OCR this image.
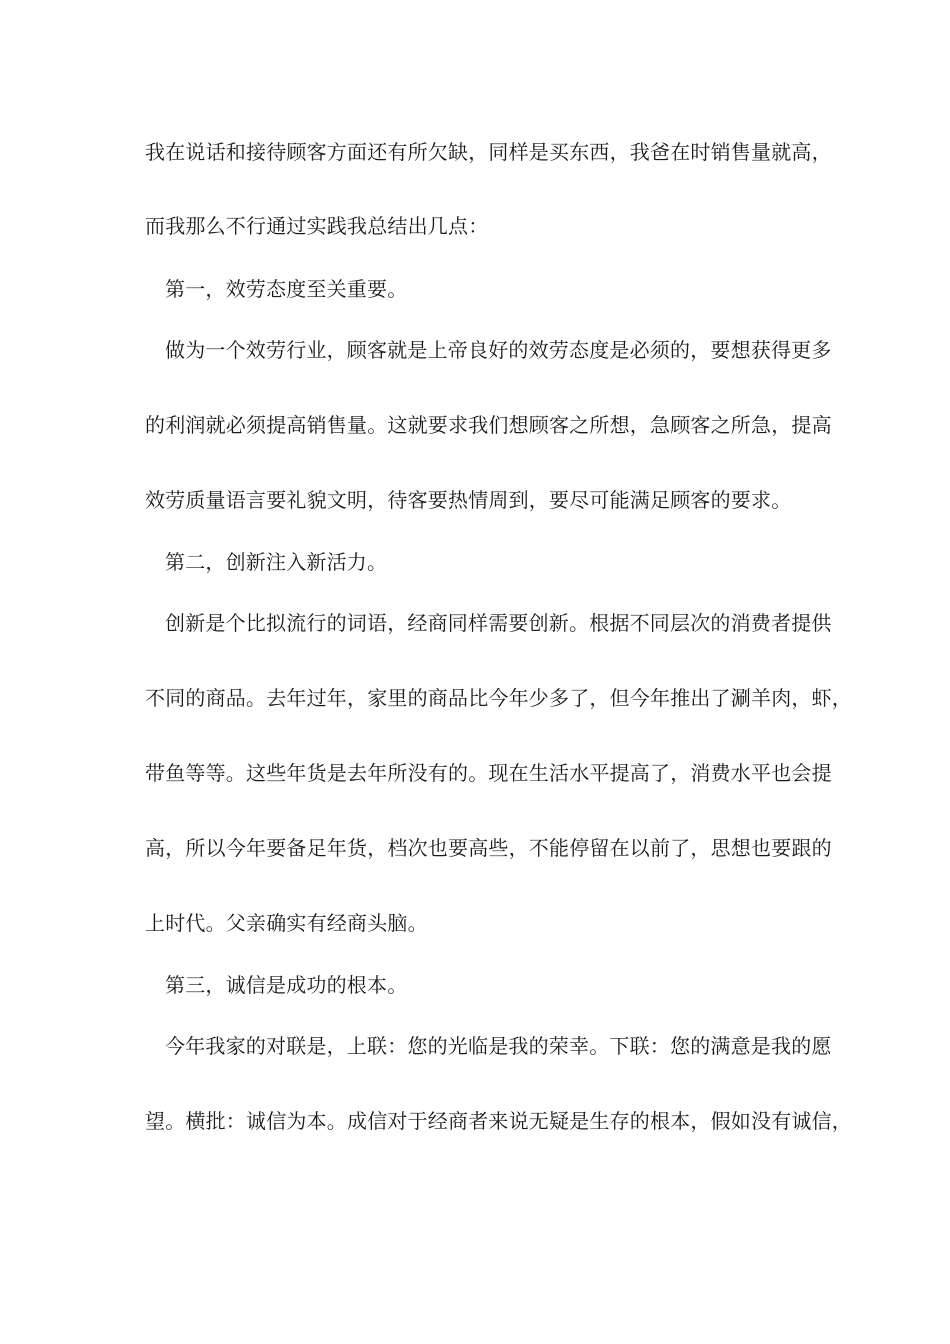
我在说话和接待顾客方面还有所欠缺，同样是买东西，我爸在时销售量就高，

而我那么不行通过实践我总结出几点：

第一，效劳态度至关重要。

做为一个效劳行业，顾客就是上帝良好的效劳态度是必须的，要想获得更多

的利润就必须提高销售量。这就要求我们想顾客之所想，急顾客之所急，提高

效劳质量语言要礼貌文明，待客要热情周到，要尽可能满足顾客的要求。

第二，创新注入新活力。

创新是个比拟流行的词语，经商同样需要创新。根据不同层次的消费者提供

不同的商品。去年过年，家里的商品比今年少多了，但今年推出了涮羊肉，虾，

带鱼等等。这些年货是去年所没有的。现在生活水平提高了，消费水平也会提

高，所以今年要备足年货，档次也要高些，不能停留在以前了，思想也要跟的

上时代。父亲确实有经商头脑。

第三，诚信是成功的根本。

今年我家的对联是，上联：您的光临是我的荣幸。下联：您的满意是我的愿

望。横批：诚信为本。成信对于经商者来说无疑是生存的根本，假如没有诚信，
